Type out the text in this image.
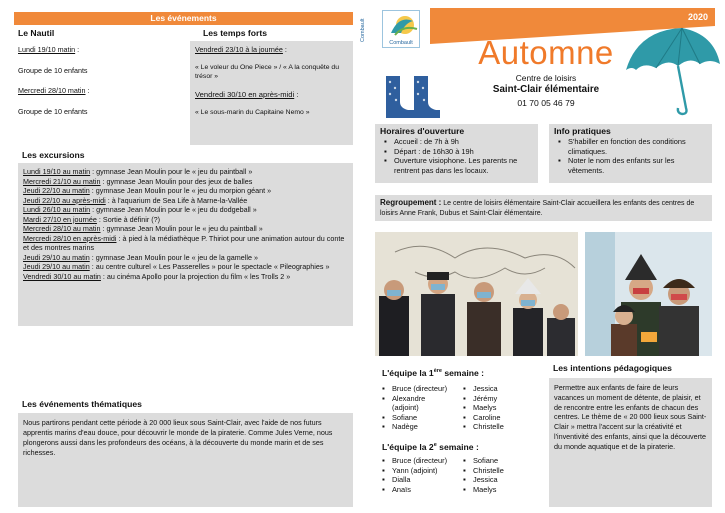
Les événements
Le Nautil
Lundi 19/10 matin :
Groupe de 10 enfants
Mercredi 28/10 matin :
Groupe de 10 enfants
Les temps forts
Vendredi 23/10 à la journée :
« Le voleur du One Piece » / « A la conquête du trésor »
Vendredi 30/10 en après-midi :
« Le sous-marin du Capitaine Nemo »
Les excursions
Lundi 19/10 au matin : gymnase Jean Moulin pour le « jeu du paintball »
Mercredi 21/10 au matin : gymnase Jean Moulin pour des jeux de balles
Jeudi 22/10 au matin : gymnase Jean Moulin pour le « jeu du morpion géant »
Jeudi 22/10 au après-midi : à l'aquarium de Sea Life à Marne-la-Vallée
Lundi 26/10 au matin : gymnase Jean Moulin pour le « jeu du dodgeball »
Mardi 27/10 en journée : Sortie à définir (?)
Mercredi 28/10 au matin : gymnase Jean Moulin pour le « jeu du paintball »
Mercredi 28/10 en après-midi : à pied à la médiathèque P. Thiriot pour une animation autour du conte et des montres marins
Jeudi 29/10 au matin : gymnase Jean Moulin pour le « jeu de la gamelle »
Jeudi 29/10 au matin : au centre culturel « Les Passerelles » pour le spectacle « Pileographies »
Vendredi 30/10 au matin : au cinéma Apollo pour la projection du film « les Trolls 2 »
Les événements thématiques
Nous partirons pendant cette période à 20 000 lieux sous Saint-Clair, avec l'aide de nos futurs apprentis marins d'eau douce, pour découvrir le monde de la piraterie. Comme Jules Verne, nous plongerons aussi dans les profondeurs des océans, à la découverte du monde marin et de ses richesses.
2020
Combault
Combault
Automne
Centre de loisirs
Saint-Clair élémentaire
01 70 05 46 79
Horaires d'ouverture
▪ Accueil : de 7h à 9h
▪ Départ : de 16h30 à 19h
▪ Ouverture visiophone. Les parents ne rentrent pas dans les locaux.
Info pratiques
▪ S'habiller en fonction des conditions climatiques.
▪ Noter le nom des enfants sur les vêtements.
Regroupement : Le centre de loisirs élémentaire Saint-Clair accueillera les enfants des centres de loisirs Anne Frank, Dubus et Saint-Clair élémentaire.
L'équipe la 1ère semaine :
▪ Bruce (directeur)
▪ Alexandre (adjoint)
▪ Sofiane
▪ Nadège
▪ Jessica
▪ Jérémy
▪ Maelys
▪ Caroline
▪ Christelle
L'équipe la 2e semaine :
▪ Bruce (directeur)
▪ Yann (adjoint)
▪ Dialla
▪ Anaïs
▪ Sofiane
▪ Christelle
▪ Jessica
▪ Maelys
Les intentions pédagogiques
Permettre aux enfants de faire de leurs vacances un moment de détente, de plaisir, et de rencontre entre les enfants de chacun des centres. Le thème de « 20 000 lieux sous Saint-Clair » mettra l'accent sur la créativité et l'inventivité des enfants, ainsi que la découverte du monde aquatique et de la piraterie.
